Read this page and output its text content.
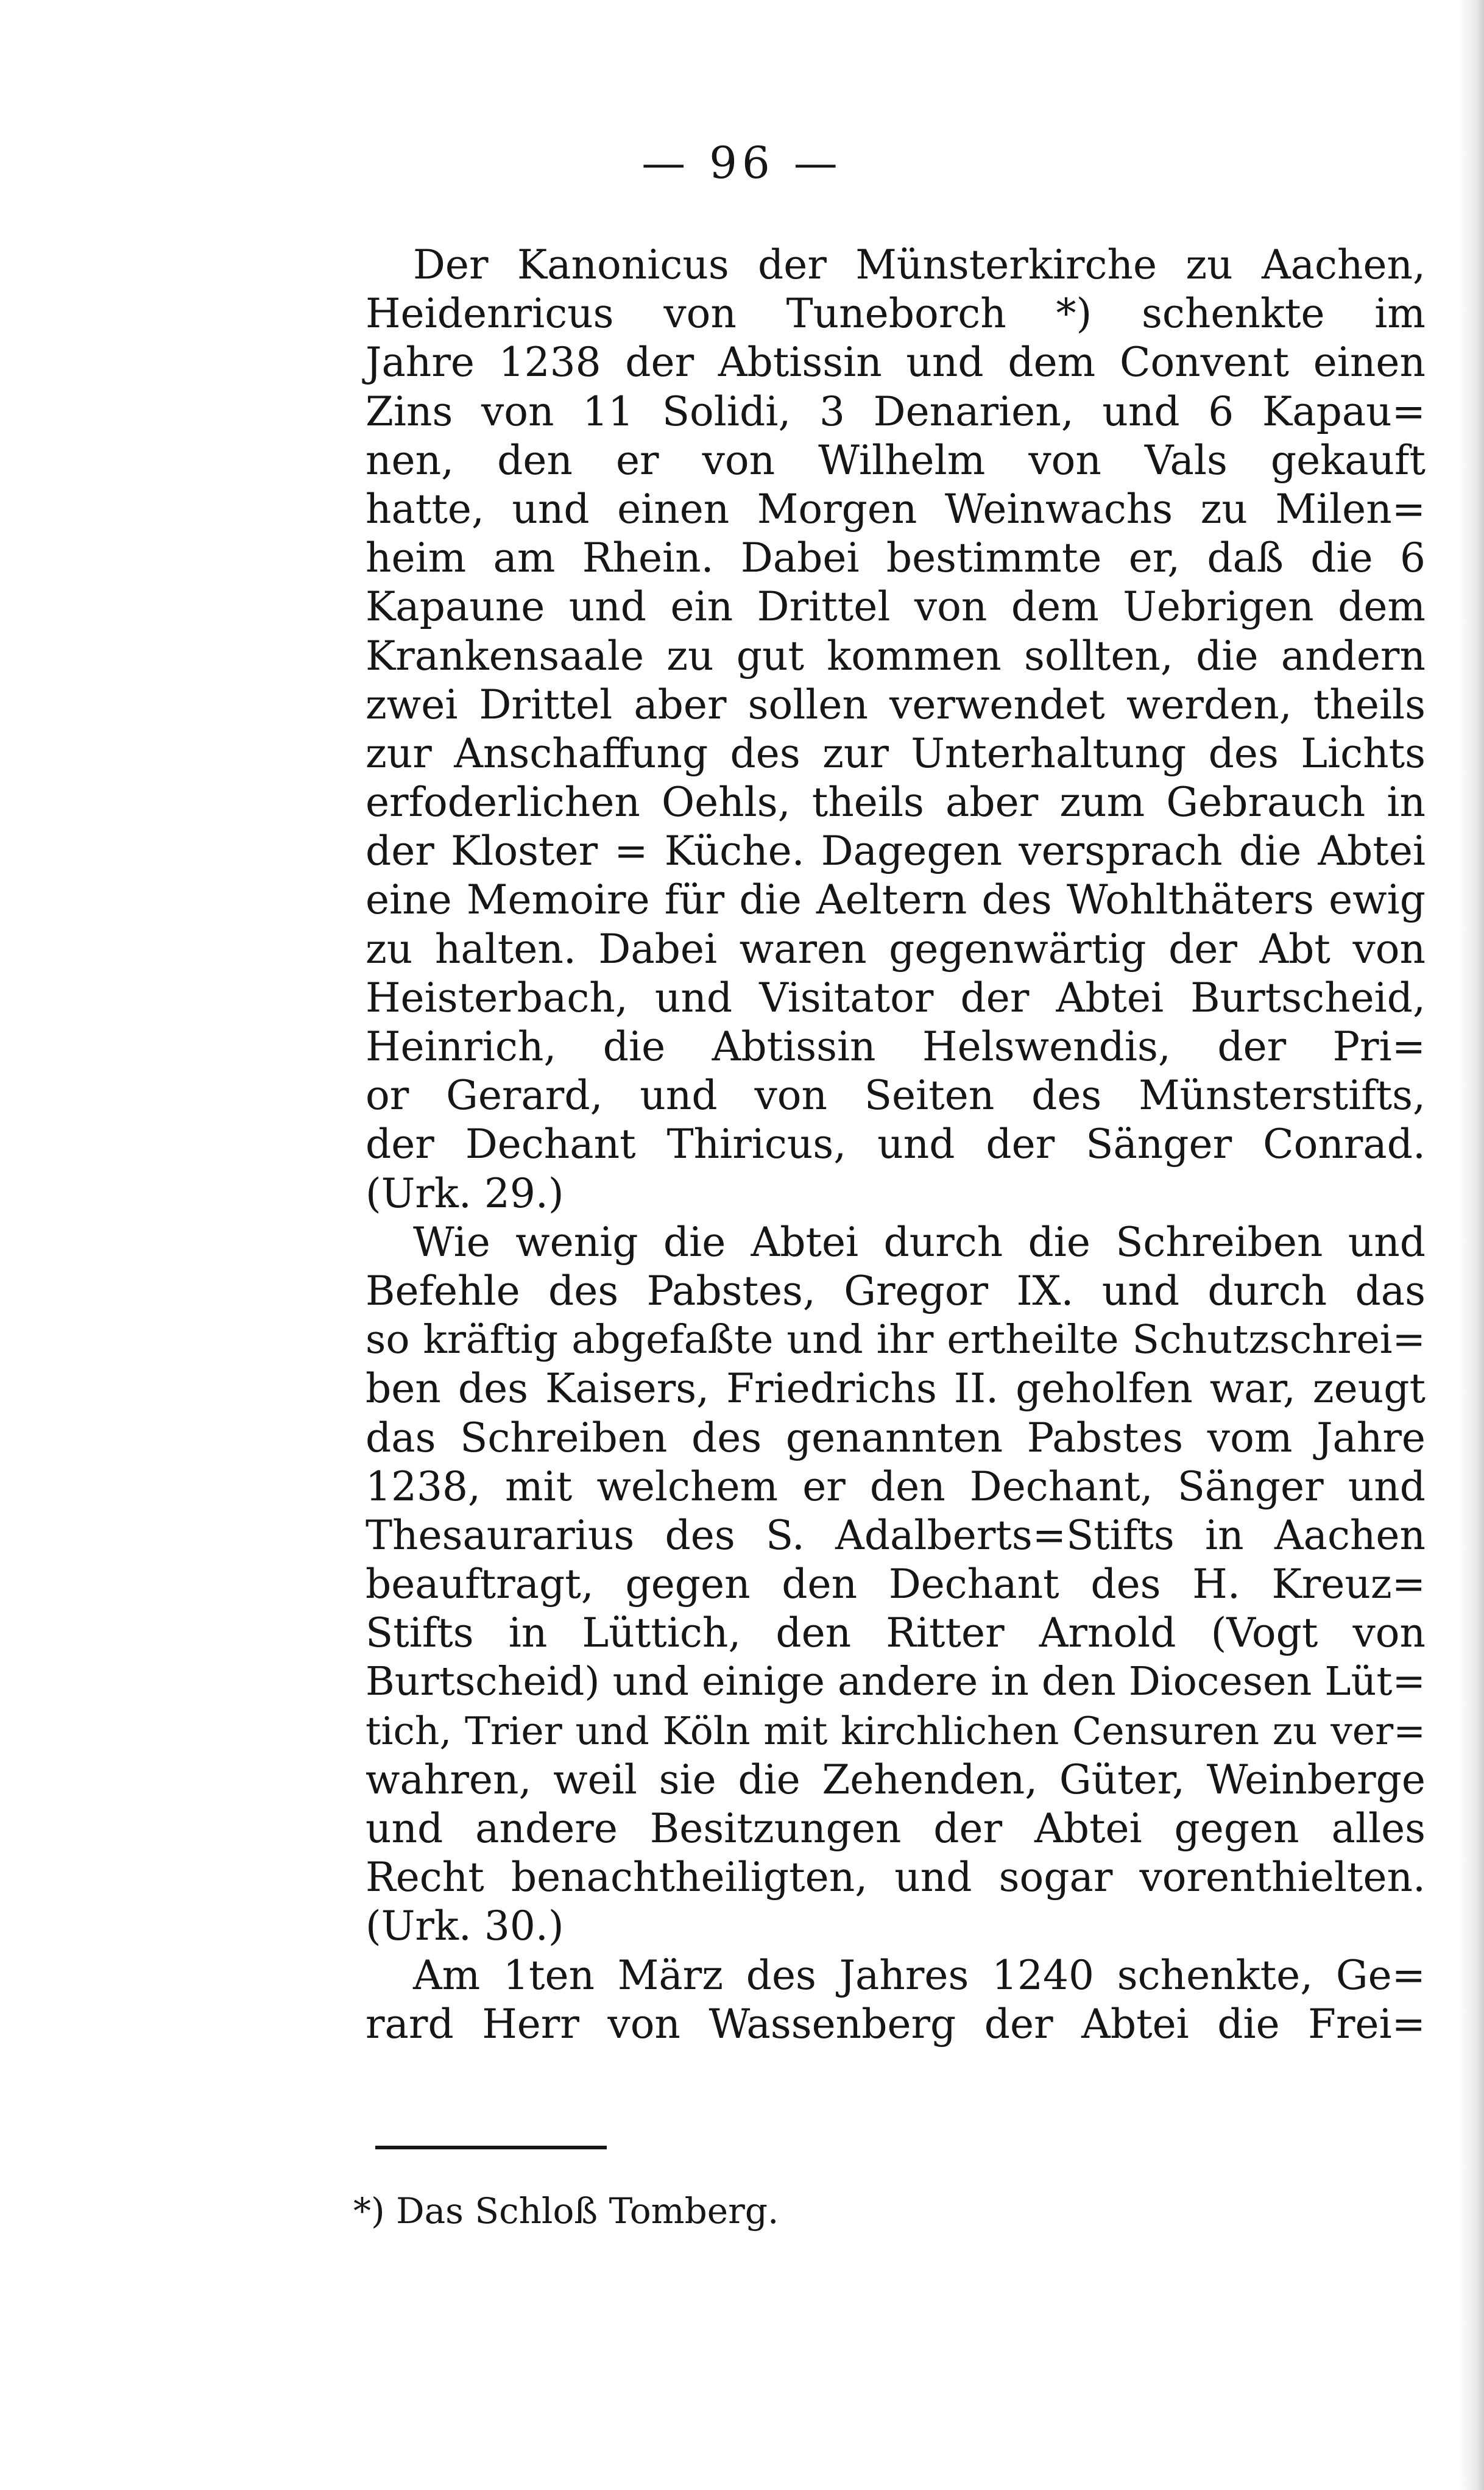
— 96 —
Der Kanonicus der Münsterkirche zu Aachen,
Heidenricus von Tuneborch *) schenkte im
Jahre 1238 der Abtissin und dem Convent einen
Zins von 11 Solidi, 3 Denarien, und 6 Kapau=
nen, den er von Wilhelm von Vals gekauft
hatte, und einen Morgen Weinwachs zu Milen=
heim am Rhein. Dabei bestimmte er, daß die 6
Kapaune und ein Drittel von dem Uebrigen dem
Krankensaale zu gut kommen sollten, die andern
zwei Drittel aber sollen verwendet werden, theils
zur Anschaffung des zur Unterhaltung des Lichts
erfoderlichen Oehls, theils aber zum Gebrauch in
der Kloster = Küche. Dagegen versprach die Abtei
eine Memoire für die Aeltern des Wohlthäters ewig
zu halten. Dabei waren gegenwärtig der Abt von
Heisterbach, und Visitator der Abtei Burtscheid,
Heinrich, die Abtissin Helswendis, der Pri=
or Gerard, und von Seiten des Münsterstifts,
der Dechant Thiricus, und der Sänger Conrad.
(Urk. 29.)
Wie wenig die Abtei durch die Schreiben und
Befehle des Pabstes, Gregor IX. und durch das
so kräftig abgefaßte und ihr ertheilte Schutzschrei=
ben des Kaisers, Friedrichs II. geholfen war, zeugt
das Schreiben des genannten Pabstes vom Jahre
1238, mit welchem er den Dechant, Sänger und
Thesaurarius des S. Adalberts=Stifts in Aachen
beauftragt, gegen den Dechant des H. Kreuz=
Stifts in Lüttich, den Ritter Arnold (Vogt von
Burtscheid) und einige andere in den Diocesen Lüt=
tich, Trier und Köln mit kirchlichen Censuren zu ver=
wahren, weil sie die Zehenden, Güter, Weinberge
und andere Besitzungen der Abtei gegen alles
Recht benachtheiligten, und sogar vorenthielten.
(Urk. 30.)
Am 1ten März des Jahres 1240 schenkte, Ge=
rard Herr von Wassenberg der Abtei die Frei=
*) Das Schloß Tomberg.
